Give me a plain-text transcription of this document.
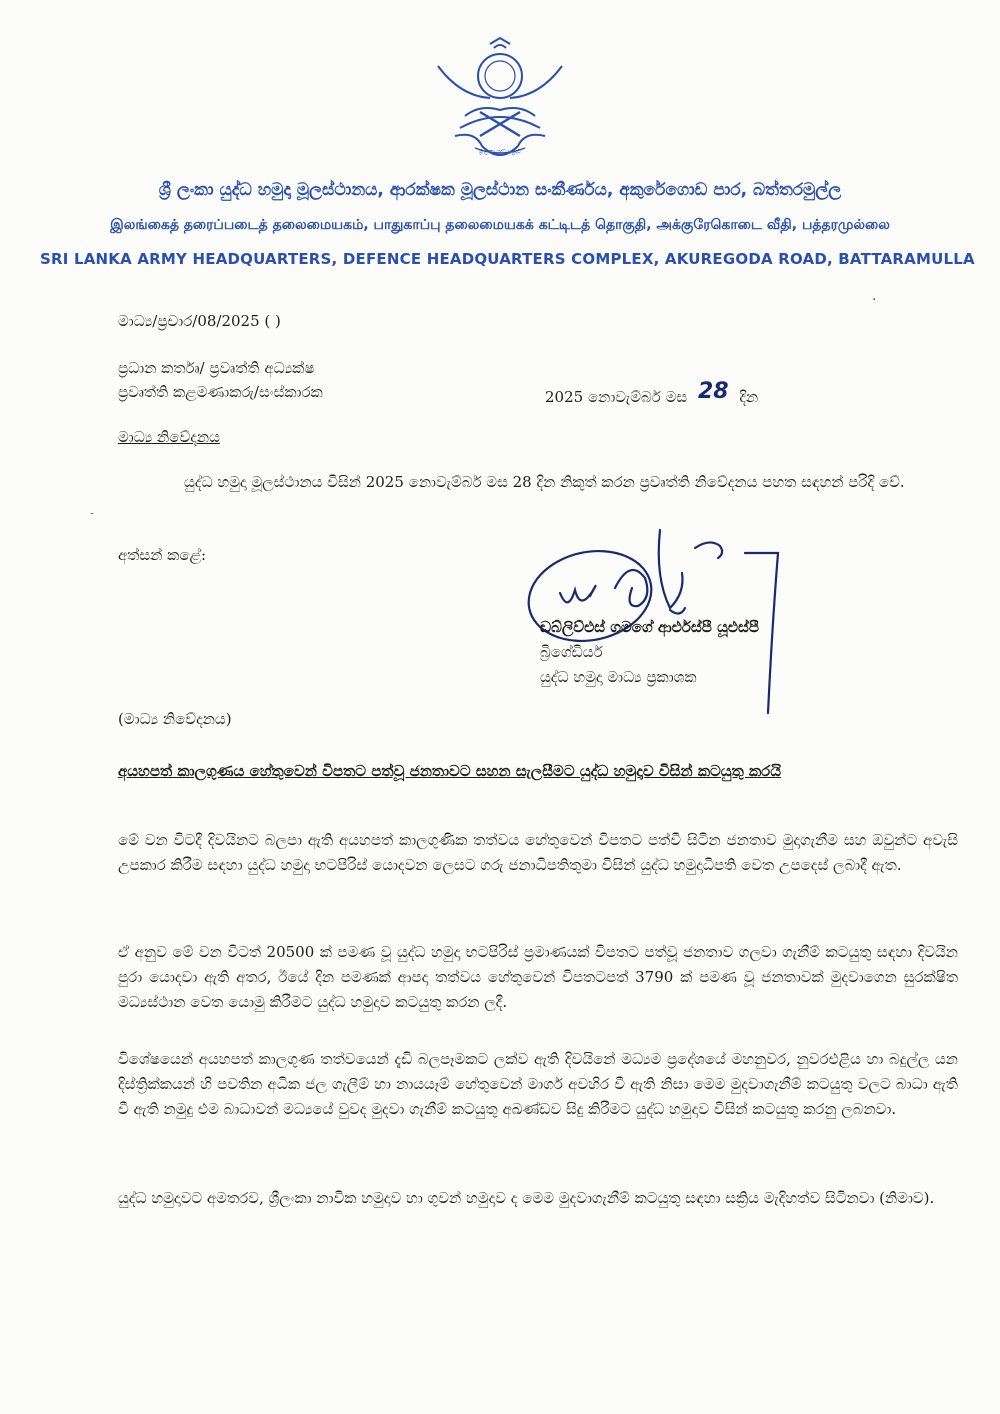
ශ්‍රී ලංකා යුද්ධ හමුදාව
ශ්‍රී ලංකා යුද්ධ හමුදා මූලස්ථානය, ආරක්ෂක මූලස්ථාන සංකීර්ණය, අකුරේගොඩ පාර, බත්තරමුල්ල
இலங்கைத் தரைப்படைத் தலைமையகம், பாதுகாப்பு தலைமையகக் கட்டிடத் தொகுதி, அக்குரேகொடை வீதி, பத்தரமுல்லை
SRI LANKA ARMY HEADQUARTERS, DEFENCE HEADQUARTERS COMPLEX, AKUREGODA ROAD, BATTARAMULLA
·
මාධ්‍ය/ප්‍රචාර/08/2025 ( )
ප්‍රධාන කර්තෘ/ ප්‍රවෘත්ති අධ්‍යක්ෂ
ප්‍රවෘත්ති කළමණාකරු/සංස්කාරක	2025 නොවැම්බර් මස 28 දින
මාධ්‍ය නිවේදනය
යුද්ධ හමුදා මූලස්ථානය විසින් 2025 නොවැම්බර් මස 28 දින නිකුත් කරන ප්‍රවෘත්ති නිවේදනය පහත සඳහන් පරිදි වේ.
-
අත්සන් කළේ:
ඩබ්ලිව්එස් ගමගේ ආර්එස්පී යූඑස්පී
බ්‍රිගේඩියර්
යුද්ධ හමුදා මාධ්‍ය ප්‍රකාශක
(මාධ්‍ය නිවේදනය)
අයහපත් කාලගුණය හේතුවෙන් විපතට පත්වූ ජනතාවට සහන සැලසීමට යුද්ධ හමුදාව විසින් කටයුතු කරයි
මේ වන විටදී දිවයිනට බලපා ඇති අයහපත් කාලගුණික තත්වය හේතුවෙන් විපතට පත්වී සිටින ජනතාව මුදාගැනීම සහ ඔවුන්ට අවැසි උපකාර කිරීම සඳහා යුද්ධ හමුදා භටපිරිස් යොදවන ලෙසට ගරු ජනාධිපතිතුමා විසින් යුද්ධ හමුදාධිපති වෙත උපදෙස් ලබාදී ඇත.
ඒ අනුව මේ වන විටත් 20500 ක් පමණ වූ යුද්ධ හමුදා භටපිරිස් ප්‍රමාණයක් විපතට පත්වූ ජනතාව ගලවා ගැනීම් කටයුතු සඳහා දිවයින පුරා යොදවා ඇති අතර, ඊයේ දින පමණක් ආපදා තත්වය හේතුවෙන් විපතටපත් 3790 ක් පමණ වූ ජනතාවක් මුදවාගෙන සුරක්ෂිත මධ්‍යස්ථාන වෙත යොමු කිරීමට යුද්ධ හමුදාව කටයුතු කරන ලදී.
විශේෂයෙන් අයහපත් කාලගුණ තත්වයෙන් දැඩි බලපෑමකට ලක්ව ඇති දිවයිනේ මධ්‍යම ප්‍රදේශයේ මහනුවර, නුවරඑළිය හා බදුල්ල යන දිස්ත්‍රික්කයන් හි පවතින අධික ජල ගැලීම් හා නායයෑම් හේතුවෙන් මාර්ග අවහිර වී ඇති නිසා මෙම මුදවාගැනීම් කටයුතු වලට බාධා ඇති වී ඇති නමුදු එම බාධාවන් මධ්‍යයේ වුවද මුදවා ගැනීම් කටයුතු අඛණ්ඩව සිදු කිරීමට යුද්ධ හමුදාව විසින් කටයුතු කරනු ලබනවා.
යුද්ධ හමුදාවට අමතරව, ශ්‍රීලංකා නාවික හමුදාව හා ගුවන් හමුදාව ද මෙම මුදවාගැනීම් කටයුතු සඳහා සක්‍රිය මැදිහත්ව සිටිනවා (නිමාව).
